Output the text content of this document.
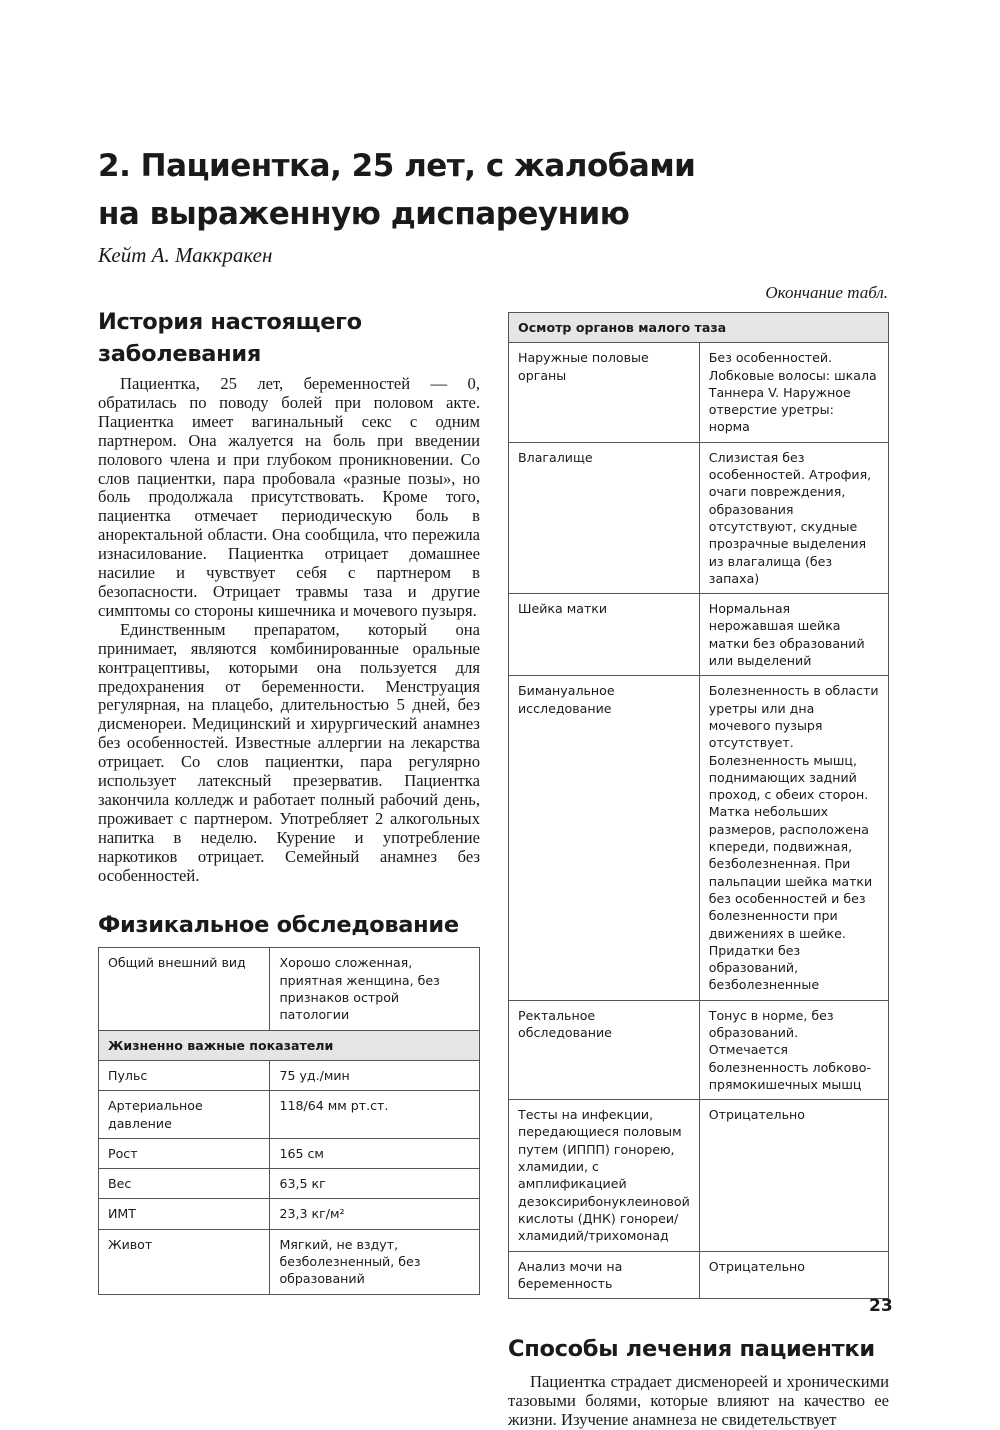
2. Пациентка, 25 лет, с жалобами
на выраженную диспареунию
Кейт А. Маккракен
Окончание табл.
История настоящего
заболевания

Пациентка, 25 лет, беременностей — 0, обратилась по поводу болей при половом акте. Пациентка имеет вагинальный секс с одним партнером. Она жалуется на боль при введении полового члена и при глубоком проникновении. Со слов пациентки, пара пробовала «разные позы», но боль продолжала присутствовать. Кроме того, пациентка отмечает периодическую боль в аноректальной области. Она сообщила, что пережила изнасилование. Пациентка отрицает домашнее насилие и чувствует себя с партнером в безопасности. Отрицает травмы таза и другие симптомы со стороны кишечника и мочевого пузыря.

Единственным препаратом, который она принимает, являются комбинированные оральные контрацептивы, которыми она пользуется для предохранения от беременности. Менструация регулярная, на плацебо, длительностью 5 дней, без дисменореи. Медицинский и хирургический анамнез без особенностей. Известные аллергии на лекарства отрицает. Со слов пациентки, пара регулярно использует латексный презерватив. Пациентка закончила колледж и работает полный рабочий день, проживает с партнером. Употребляет 2 алкогольных напитка в неделю. Курение и употребление наркотиков отрицает. Семейный анамнез без особенностей.

Физикальное обследование
Общий внешний вид	Хорошо сложенная, приятная женщина, без признаков острой патологии
Жизненно важные показатели	
Пульс	75 уд./мин
Артериальное давление	118/64 мм рт.ст.
Рост	165 см
Вес	63,5 кг
ИМТ	23,3 кг/м²
Живот	Мягкий, не вздут, безболезненный, без образований
Осмотр органов малого таза	
Наружные половые органы	Без особенностей. Лобковые волосы: шкала Таннера V. Наружное отверстие уретры: норма
Влагалище	Слизистая без особенностей. Атрофия, очаги повреждения, образования отсутствуют, скудные прозрачные выделения из влагалища (без запаха)
Шейка матки	Нормальная нерожавшая шейка матки без образований или выделений
Бимануальное исследование	Болезненность в области уретры или дна мочевого пузыря отсутствует. Болезненность мышц, поднимающих задний проход, с обеих сторон. Матка небольших размеров, расположена кпереди, подвижная, безболезненная. При пальпации шейка матки без особенностей и без болезненности при движениях в шейке. Придатки без образований, безболезненные
Ректальное обследование	Тонус в норме, без образований. Отмечается болезненность лобково-прямокишечных мышц
Тесты на инфекции, передающиеся половым путем (ИППП) гонорею, хламидии, с амплификацией дезоксирибонуклеиновой кислоты (ДНК) гонореи/хламидий/трихомонад	Отрицательно
Анализ мочи на беременность	Отрицательно
Способы лечения пациентки

Пациентка страдает дисменореей и хроническими тазовыми болями, которые влияют на качество ее жизни. Изучение анамнеза не свидетельствует

23
